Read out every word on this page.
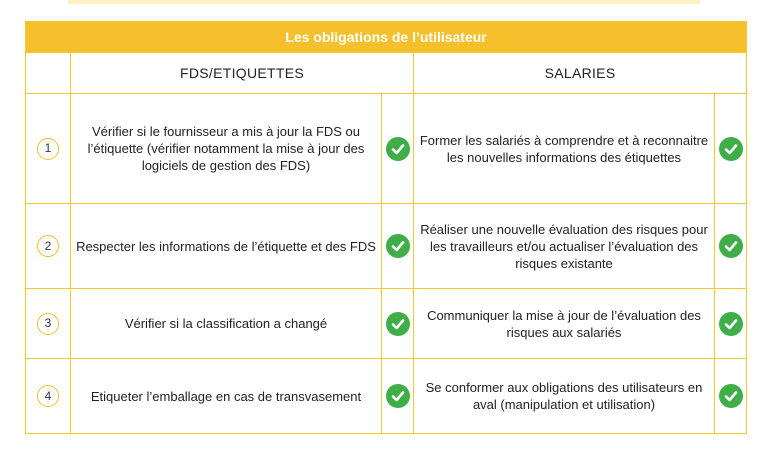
Les obligations de l’utilisateur				
	FDS/ETIQUETTES		SALARIES	
1	Vérifier si le fournisseur a mis à jour la FDS ou l’étiquette (vérifier notamment la mise à jour des logiciels de gestion des FDS)		Former les salariés à comprendre et à reconnaitre les nouvelles informations des étiquettes	

2	Respecter les informations de l’étiquette et des FDS		Réaliser une nouvelle évaluation des risques pour les travailleurs et/ou actualiser l’évaluation des risques existante	

3	Vérifier si la classification a changé		Communiquer la mise à jour de l’évaluation des risques aux salariés	

4	Etiqueter l’emballage en cas de transvasement		Se conformer aux obligations des utilisateurs en aval (manipulation et utilisation)	
